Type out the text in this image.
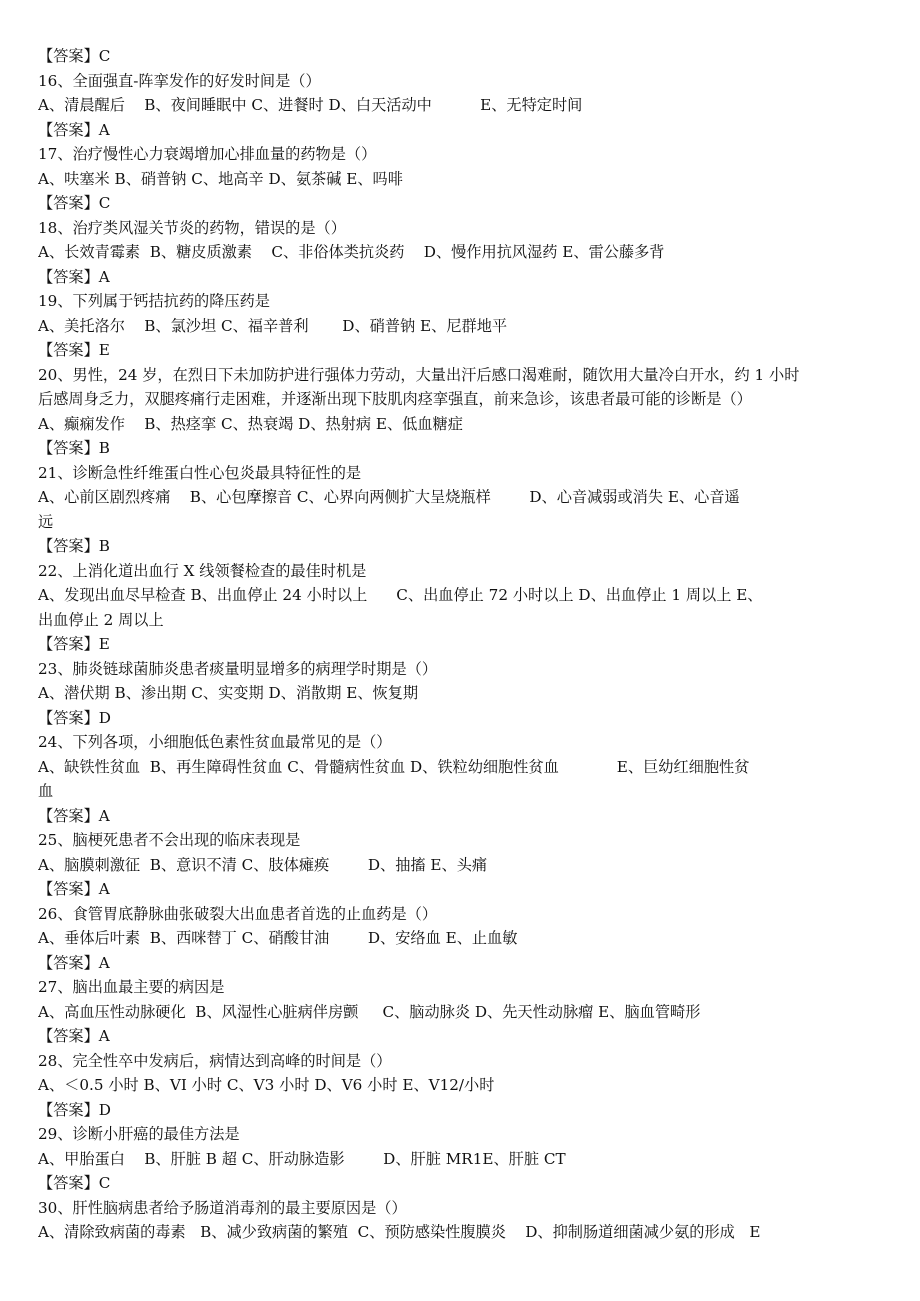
【答案】C
16、全面强直-阵挛发作的好发时间是（）
A、清晨醒后    B、夜间睡眠中 C、进餐时 D、白天活动中          E、无特定时间
【答案】A
17、治疗慢性心力衰竭增加心排血量的药物是（）
A、呋塞米 B、硝普钠 C、地高辛 D、氨茶碱 E、吗啡
【答案】C
18、治疗类风湿关节炎的药物，错误的是（）
A、长效青霉素  B、糖皮质激素    C、非俗体类抗炎药    D、慢作用抗风湿药 E、雷公藤多背
【答案】A
19、下列属于钙拮抗药的降压药是
A、美托洛尔    B、氯沙坦 C、福辛普利       D、硝普钠 E、尼群地平
【答案】E
20、男性，24 岁，在烈日下未加防护进行强体力劳动，大量出汗后感口渴难耐，随饮用大量冷白开水，约 1 小时
后感周身乏力，双腿疼痛行走困难，并逐渐出现下肢肌肉痉挛强直，前来急诊，该患者最可能的诊断是（）
A、癫痫发作    B、热痉挛 C、热衰竭 D、热射病 E、低血糖症
【答案】B
21、诊断急性纤维蛋白性心包炎最具特征性的是
A、心前区剧烈疼痛    B、心包摩擦音 C、心界向两侧扩大呈烧瓶样        D、心音减弱或消失 E、心音遥
远
【答案】B
22、上消化道出血行 X 线领餐检查的最佳时机是
A、发现出血尽早检查 B、出血停止 24 小时以上      C、出血停止 72 小时以上 D、出血停止 1 周以上 E、
出血停止 2 周以上
【答案】E
23、肺炎链球菌肺炎患者痰量明显增多的病理学时期是（）
A、潜伏期 B、渗出期 C、实变期 D、消散期 E、恢复期
【答案】D
24、下列各项，小细胞低色素性贫血最常见的是（）
A、缺铁性贫血  B、再生障碍性贫血 C、骨髓病性贫血 D、铁粒幼细胞性贫血            E、巨幼红细胞性贫
血
【答案】A
25、脑梗死患者不会出现的临床表现是
A、脑膜刺激征  B、意识不清 C、肢体瘫痪        D、抽搐 E、头痛
【答案】A
26、食管胃底静脉曲张破裂大出血患者首选的止血药是（）
A、垂体后叶素  B、西咪替丁 C、硝酸甘油        D、安络血 E、止血敏
【答案】A
27、脑出血最主要的病因是
A、高血压性动脉硬化  B、风湿性心脏病伴房颤     C、脑动脉炎 D、先天性动脉瘤 E、脑血管畸形
【答案】A
28、完全性卒中发病后，病情达到高峰的时间是（）
A、＜0.5 小时 B、VI 小时 C、V3 小时 D、V6 小时 E、V12/小时
【答案】D
29、诊断小肝癌的最佳方法是
A、甲胎蛋白    B、肝脏 B 超 C、肝动脉造影        D、肝脏 MR1E、肝脏 CT
【答案】C
30、肝性脑病患者给予肠道消毒剂的最主要原因是（）
A、清除致病菌的毒素   B、减少致病菌的繁殖  C、预防感染性腹膜炎    D、抑制肠道细菌减少氨的形成   E
